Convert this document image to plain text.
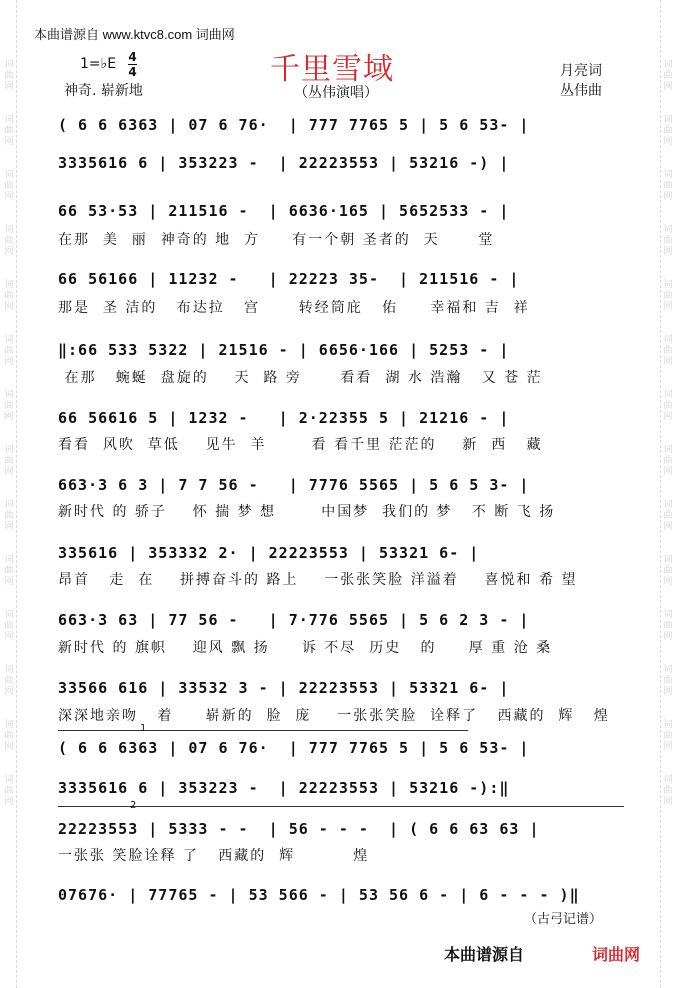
词
曲
网
词
曲
网
词
曲
网
词
曲
网
词
曲
网
词
曲
网
词
曲
网
词
曲
网
词
曲
网
词
曲
网
词
曲
网
词
曲
网
词
曲
网
词
曲
网
词
曲
网
词
曲
网
词
曲
网
词
曲
网
词
曲
网
词
曲
网
词
曲
网
词
曲
网
词
曲
网
词
曲
网
词
曲
网
词
曲
网
词
曲
网
词
曲
网
本曲谱源自 www.ktvc8.com 词曲网
千里雪域
（丛伟演唱）
1=♭E 4
4
神奇. 崭新地
月亮词
丛伟曲
( 6 6 6363 | 07 6 76·  | 777 7765 5 | 5 6 53- |
3335616 6 | 353223 -  | 22223553 | 53216 -) |
66 53·53 | 211516 -  | 6636·165 | 5652533 - |
在那  美  丽  神奇的 地  方     有一个朝 圣者的  天      堂
66 56166 | 11232 -   | 22223 35-  | 211516 - |
那是  圣 洁的   布达拉   宫      转经筒庇   佑     幸福和 吉  祥
‖:66 533 5322 | 21516 - | 6656·166 | 5253 - |
在那   蜿蜒  盘旋的    天  路 旁      看看  湖 水 浩瀚   又 苍 茫
66 56616 5 | 1232 -   | 2·22355 5 | 21216 - |
看看  风吹  草低    见牛  羊       看 看千里 茫茫的    新  西   藏
663·3 6 3 | 7 7 56 -   | 7776 5565 | 5 6 5 3- |
新时代 的 骄子    怀 揣 梦 想       中国梦  我们的 梦   不 断 飞 扬
335616 | 353332 2· | 22223553 | 53321 6- |
昂首   走  在    拼搏奋斗的 路上    一张张笑脸 洋溢着    喜悦和 希 望
663·3 63 | 77 56 -   | 7·776 5565 | 5 6 2 3 - |
新时代 的 旗帜    迎风 飘 扬     诉 不尽  历史   的     厚 重 沧 桑
33566 616 | 33532 3 - | 22223553 | 53321 6- |
深深地亲吻   着     崭新的  脸  庞    一张张笑脸  诠释了   西藏的  辉   煌
1
( 6 6 6363 | 07 6 76·  | 777 7765 5 | 5 6 53- |
3335616 6 | 353223 -  | 22223553 | 53216 -):‖
2
22223553 | 5333 - -  | 56 - - -  | ( 6 6 63 63 |
一张张 笑脸诠释 了   西藏的  辉         煌
07676· | 77765 - | 53 566 - | 53 56 6 - | 6 - - - )‖
（古弓记谱）
本曲谱源自	词曲网
